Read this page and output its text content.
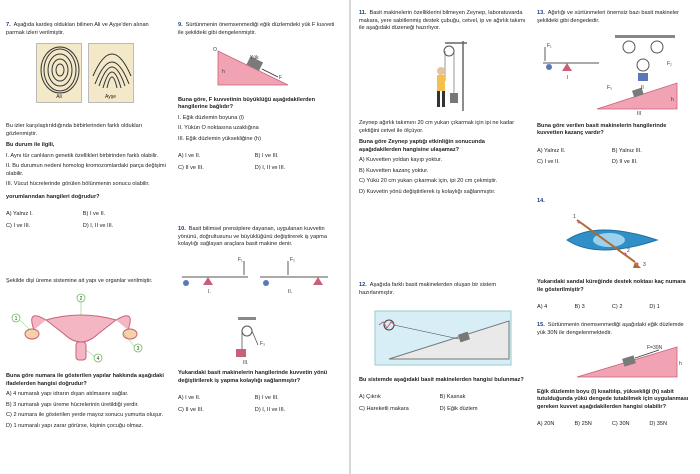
7. Aşağıda kardeş oldukları bilinen Ali ve Ayşe'den alınan parmak izleri verilmiştir.
Ali
	Ayşe
Bu izler karşılaştırıldığında birbirlerinden farklı oldukları gözlenmiştir.
Bu durum ile ilgili,
I. Aynı tür canlıların genetik özellikleri birbirinden farklı olabilir.
II. Bu durumun nedeni homolog kromozomlardaki parça değişimi olabilir.
III. Vücut hücrelerinde görülen bölünmenin sonucu olabilir.
yorumlarından hangileri doğrudur?
A) Yalnız I.	B) I ve II. C) I ve III.	D) I, II ve III.
Şekilde dişi üreme sistemine ait yapı ve organlar verilmiştir.
2
1
3
4
Buna göre numara ile gösterilen yapılar hakkında aşağıdaki ifadelerden hangisi doğrudur?
A) 4 numaralı yapı idrarın dışarı atılmasını sağlar.
B) 3 numaralı yapı üreme hücrelerinin üretildiği yerdir.
C) 2 numara ile gösterilen yerde mayoz sonucu yumurta oluşur.
D) 1 numaralı yapı zarar görürse, kişinin çocuğu olmaz.
9. Sürtünmenin önemsenmediği eğik düzlemdeki yük F kuvveti ile şekildeki gibi dengelenmiştir.
O
Yük
h
F
Buna göre, F kuvvetinin büyüklüğü aşağıdakilerden hangilerine bağlıdır?
I. Eğik düzlemin boyuna (l)
II. Yükün O noktasına uzaklığına
III. Eğik düzlemin yüksekliğine (h)
A) I ve II.	B) I ve III. C) II ve III.	D) I, II ve III.
10. Basit bilimsel prensiplere dayanan, uygulanan kuvvetin yönünü, doğrultusunu ve büyüklüğünü değiştirerek iş yapma kolaylığı sağlayan araçlara basit makine denir.
F₁	F₂
I.	II.
III.
F₃
Yukarıdaki basit makinelerin hangilerinde kuvvetin yönü değiştirilerek iş yapma kolaylığı sağlanmıştır?
A) I ve II.	B) I ve III. C) II ve III.	D) I, II ve III.
11. Basit makinelerin özelliklerini bilmeyen Zeynep, laboratuvarda makara, yere sabitlenmiş destek çubuğu, cetvel, ip ve ağırlık takımı ile aşağıdaki düzeneği hazırlıyor.
Zeynep ağırlık takımını 20 cm yukarı çıkarmak için ipi ne kadar çektiğini cetvel ile ölçüyor.
Buna göre Zeynep yaptığı etkinliğin sonucunda aşağıdakilerden hangisine ulaşamaz?
A) Kuvvetten yoldan kayıp yoktur.
B) Kuvvetten kazanç yoktur.
C) Yükü 20 cm yukarı çıkarmak için, ipi 20 cm çekmiştir.
D) Kuvvetin yönü değiştirilerek iş kolaylığı sağlanmıştır.
12. Aşağıda farklı basit makinelerden oluşan bir sistem hazırlanmıştır.
Bu sistemde aşağıdaki basit makinelerden hangisi bulunmaz?
A) Çıkrık	B) Kasnak C) Hareketli makara	D) Eğik düzlem
13. Ağırlığı ve sürtünmeleri önemsiz bazı basit makineler şekildeki gibi dengededir.
F₁
F₂
F₃
I
II
III
h
Buna göre verilen basit makinelerin hangilerinde kuvvetten kazanç vardır?
A) Yalnız II.	B) Yalnız III. C) I ve II.	D) II ve III.
14.
1
2
3
Yukarıdaki sandal küreğinde destek noktası kaç numara ile gösterilmiştir?
A) 4	B) 3	C) 2	D) 1
15. Sürtünmenin önemsenmediği aşağıdaki eğik düzlemde yük 30N ile dengelenmektedir.
F=30N
h
Eğik düzlemin boyu (l) kısaltılıp, yüksekliği (h) sabit tutulduğunda yükü dengede tutabilmek için uygulanması gereken kuvvet aşağıdakilerden hangisi olabilir?
A) 20N	B) 25N	C) 30N	D) 35N
